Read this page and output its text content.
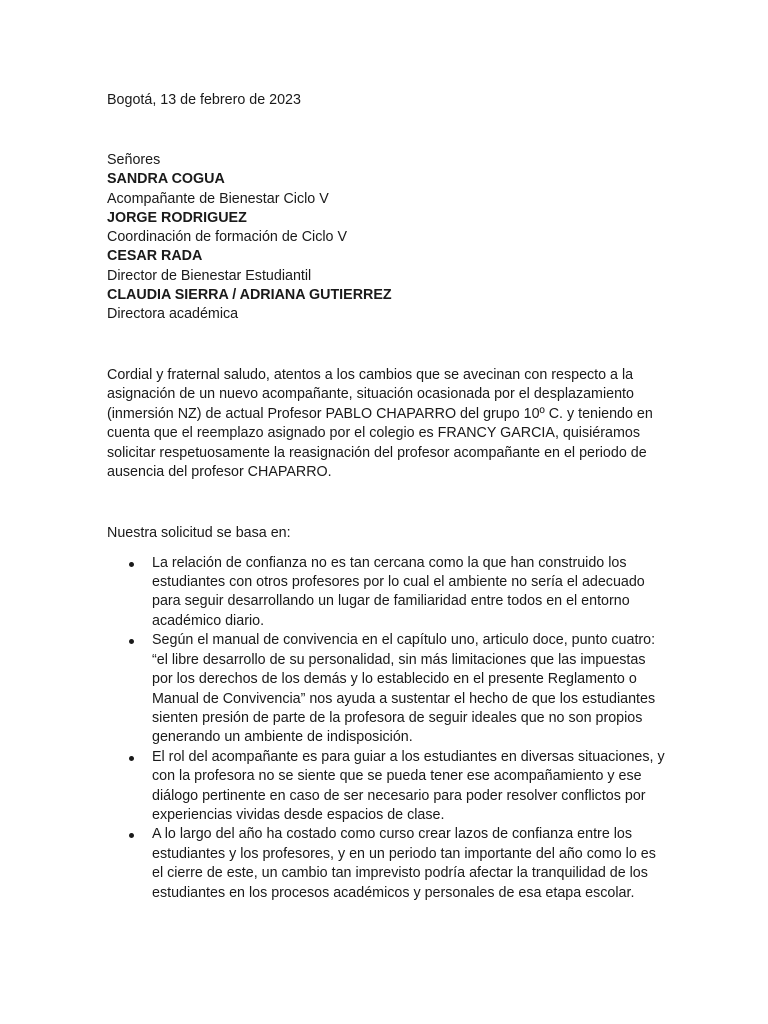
Bogotá, 13 de febrero de 2023

Señores

SANDRA COGUA

Acompañante de Bienestar Ciclo V

JORGE RODRIGUEZ

Coordinación de formación de Ciclo V

CESAR RADA

Director de Bienestar Estudiantil

CLAUDIA SIERRA / ADRIANA GUTIERREZ

Directora académica

Cordial y fraternal saludo, atentos a los cambios que se avecinan con respecto a la asignación de un nuevo acompañante, situación ocasionada por el desplazamiento (inmersión NZ) de actual Profesor PABLO CHAPARRO del grupo 10º C. y teniendo en cuenta que el reemplazo asignado por el colegio es FRANCY GARCIA, quisiéramos solicitar respetuosamente la reasignación del profesor acompañante en el periodo de ausencia del profesor CHAPARRO.

Nuestra solicitud se basa en:

La relación de confianza no es tan cercana como la que han construido los estudiantes con otros profesores por lo cual el ambiente no sería el adecuado para seguir desarrollando un lugar de familiaridad entre todos en el entorno académico diario.
Según el manual de convivencia en el capítulo uno, articulo doce, punto cuatro: “el libre desarrollo de su personalidad, sin más limitaciones que las impuestas por los derechos de los demás y lo establecido en el presente Reglamento o Manual de Convivencia” nos ayuda a sustentar el hecho de que los estudiantes sienten presión de parte de la profesora de seguir ideales que no son propios generando un ambiente de indisposición.
El rol del acompañante es para guiar a los estudiantes en diversas situaciones, y con la profesora no se siente que se pueda tener ese acompañamiento y ese diálogo pertinente en caso de ser necesario para poder resolver conflictos por experiencias vividas desde espacios de clase.
A lo largo del año ha costado como curso crear lazos de confianza entre los estudiantes y los profesores, y en un periodo tan importante del año como lo es el cierre de este, un cambio tan imprevisto podría afectar la tranquilidad de los estudiantes en los procesos académicos y personales de esa etapa escolar.
